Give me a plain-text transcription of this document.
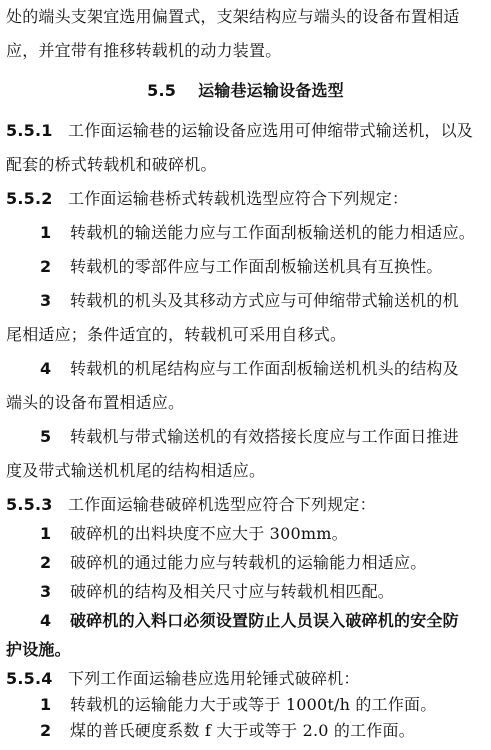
处的端头支架宜选用偏置式，支架结构应与端头的设备布置相适
应，并宜带有推移转载机的动力装置。
5.5 运输巷运输设备选型
5.5.1 工作面运输巷的运输设备应选用可伸缩带式输送机，以及
配套的桥式转载机和破碎机。
5.5.2 工作面运输巷桥式转载机选型应符合下列规定：
1 转载机的输送能力应与工作面刮板输送机的能力相适应。
2 转载机的零部件应与工作面刮板输送机具有互换性。
3 转载机的机头及其移动方式应与可伸缩带式输送机的机
尾相适应；条件适宜的，转载机可采用自移式。
4 转载机的机尾结构应与工作面刮板输送机机头的结构及
端头的设备布置相适应。
5 转载机与带式输送机的有效搭接长度应与工作面日推进
度及带式输送机机尾的结构相适应。
5.5.3 工作面运输巷破碎机选型应符合下列规定：
1 破碎机的出料块度不应大于 300mm。
2 破碎机的通过能力应与转载机的运输能力相适应。
3 破碎机的结构及相关尺寸应与转载机相匹配。
4 破碎机的入料口必须设置防止人员误入破碎机的安全防
护设施。
5.5.4 下列工作面运输巷应选用轮锤式破碎机：
1 转载机的运输能力大于或等于 1000t/h 的工作面。
2 煤的普氏硬度系数 f 大于或等于 2.0 的工作面。
